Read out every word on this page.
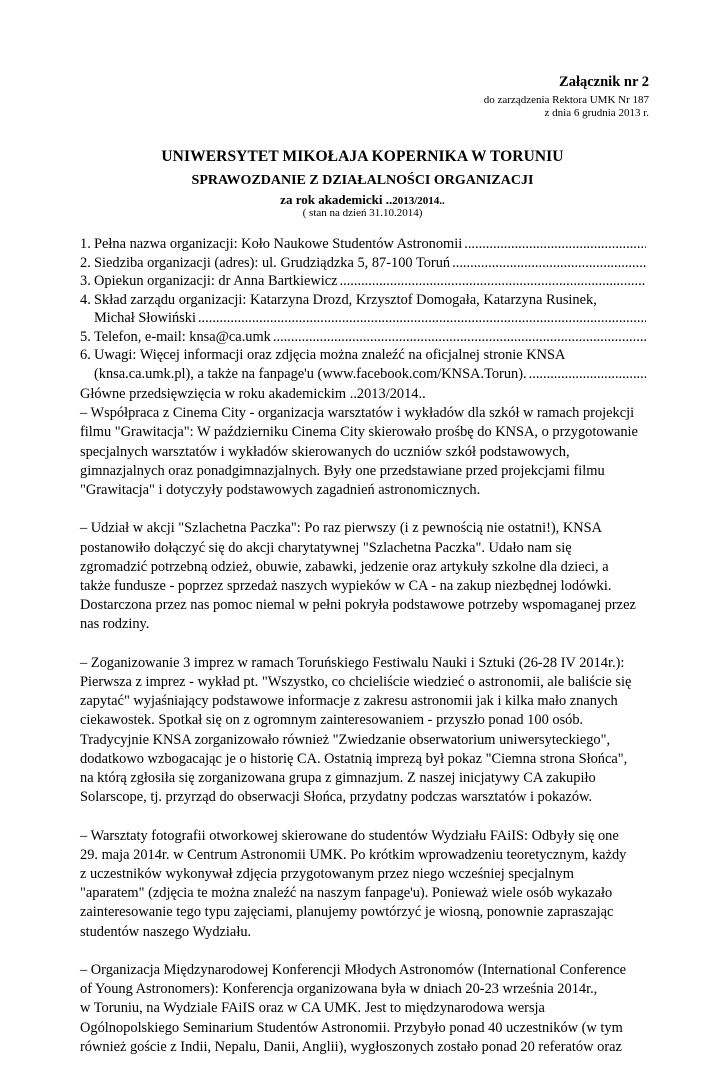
Załącznik nr 2
do zarządzenia Rektora UMK Nr 187
z dnia 6 grudnia 2013 r.
UNIWERSYTET MIKOŁAJA KOPERNIKA W TORUNIU
SPRAWOZDANIE Z DZIAŁALNOŚCI ORGANIZACJI
za rok akademicki ..2013/2014..
( stan na dzień 31.10.2014)
1. Pełna nazwa organizacji: Koło Naukowe Studentów Astronomii
.....
2. Siedziba organizacji (adres): ul. Grudziądzka 5, 87-100 Toruń
.....
3. Opiekun organizacji: dr Anna Bartkiewicz
.....
4. Skład zarządu organizacji: Katarzyna Drozd, Krzysztof Domogała, Katarzyna Rusinek,
Michał Słowiński
.....
5. Telefon, e-mail: knsa@ca.umk
.....
6. Uwagi: Więcej informacji oraz zdjęcia można znaleźć na oficjalnej stronie KNSA
(knsa.ca.umk.pl), a także na fanpage'u (www.facebook.com/KNSA.Torun).
.....

Główne przedsięwzięcia w roku akademickim ..2013/2014..

– Współpraca z Cinema City - organizacja warsztatów i wykładów dla szkół w ramach projekcji
filmu "Grawitacja": W październiku Cinema City skierowało prośbę do KNSA, o przygotowanie
specjalnych warsztatów i wykładów skierowanych do uczniów szkół podstawowych,
gimnazjalnych oraz ponadgimnazjalnych. Były one przedstawiane przed projekcjami filmu
"Grawitacja" i dotyczyły podstawowych zagadnień astronomicznych.

– Udział w akcji "Szlachetna Paczka": Po raz pierwszy (i z pewnością nie ostatni!), KNSA
postanowiło dołączyć się do akcji charytatywnej "Szlachetna Paczka". Udało nam się
zgromadzić potrzebną odzież, obuwie, zabawki, jedzenie oraz artykuły szkolne dla dzieci, a
także fundusze - poprzez sprzedaż naszych wypieków w CA - na zakup niezbędnej lodówki.
Dostarczona przez nas pomoc niemal w pełni pokryła podstawowe potrzeby wspomaganej przez
nas rodziny.

– Zoganizowanie 3 imprez w ramach Toruńskiego Festiwalu Nauki i Sztuki (26-28 IV 2014r.):
Pierwsza z imprez - wykład pt. "Wszystko, co chcieliście wiedzieć o astronomii, ale baliście się
zapytać" wyjaśniający podstawowe informacje z zakresu astronomii jak i kilka mało znanych
ciekawostek. Spotkał się on z ogromnym zainteresowaniem - przyszło ponad 100 osób.
Tradycyjnie KNSA zorganizowało również "Zwiedzanie obserwatorium uniwersyteckiego",
dodatkowo wzbogacając je o historię CA. Ostatnią imprezą był pokaz "Ciemna strona Słońca",
na którą zgłosiła się zorganizowana grupa z gimnazjum. Z naszej inicjatywy CA zakupiło
Solarscope, tj. przyrząd do obserwacji Słońca, przydatny podczas warsztatów i pokazów.

– Warsztaty fotografii otworkowej skierowane do studentów Wydziału FAiIS: Odbyły się one
29. maja 2014r. w Centrum Astronomii UMK. Po krótkim wprowadzeniu teoretycznym, każdy
z uczestników wykonywał zdjęcia przygotowanym przez niego wcześniej specjalnym
"aparatem" (zdjęcia te można znaleźć na naszym fanpage'u). Ponieważ wiele osób wykazało
zainteresowanie tego typu zajęciami, planujemy powtórzyć je wiosną, ponownie zapraszając
studentów naszego Wydziału.

– Organizacja Międzynarodowej Konferencji Młodych Astronomów (International Conference
of Young Astronomers): Konferencja organizowana była w dniach 20-23 września 2014r.,
w Toruniu, na Wydziale FAiIS oraz w CA UMK. Jest to międzynarodowa wersja
Ogólnopolskiego Seminarium Studentów Astronomii. Przybyło ponad 40 uczestników (w tym
również goście z Indii, Nepalu, Danii, Anglii), wygłoszonych zostało ponad 20 referatów oraz
